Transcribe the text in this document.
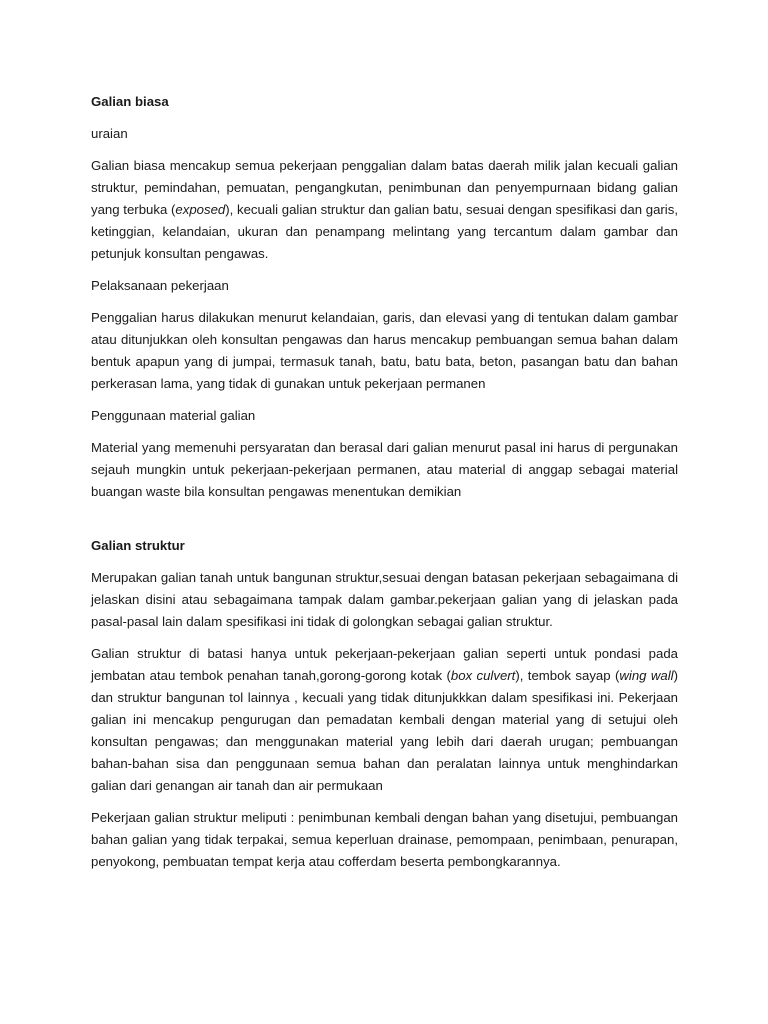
Galian biasa
uraian
Galian biasa mencakup semua pekerjaan penggalian dalam batas daerah milik jalan kecuali galian struktur, pemindahan, pemuatan, pengangkutan, penimbunan dan penyempurnaan bidang galian yang terbuka (exposed), kecuali galian struktur dan galian batu, sesuai dengan spesifikasi dan garis, ketinggian, kelandaian, ukuran dan penampang melintang yang tercantum dalam gambar dan petunjuk konsultan pengawas.
Pelaksanaan pekerjaan
Penggalian harus dilakukan menurut kelandaian, garis, dan elevasi yang di tentukan dalam gambar atau ditunjukkan oleh konsultan pengawas dan harus mencakup pembuangan semua bahan dalam bentuk apapun yang di jumpai, termasuk tanah, batu, batu bata, beton, pasangan batu dan bahan perkerasan lama, yang tidak di gunakan untuk pekerjaan permanen
Penggunaan material galian
Material yang memenuhi persyaratan dan berasal dari galian menurut pasal ini harus di pergunakan sejauh mungkin untuk pekerjaan-pekerjaan permanen, atau material di anggap sebagai material buangan waste bila konsultan pengawas menentukan demikian
Galian struktur
Merupakan galian tanah untuk bangunan struktur,sesuai dengan batasan pekerjaan sebagaimana di jelaskan disini atau sebagaimana tampak dalam gambar.pekerjaan galian yang di jelaskan pada pasal-pasal lain dalam spesifikasi ini tidak di golongkan sebagai galian struktur.
Galian struktur di batasi hanya untuk pekerjaan-pekerjaan galian seperti untuk pondasi pada jembatan atau tembok penahan tanah,gorong-gorong kotak (box culvert), tembok sayap (wing wall) dan struktur bangunan tol lainnya , kecuali yang tidak ditunjukkkan dalam spesifikasi ini. Pekerjaan galian ini mencakup pengurugan dan pemadatan kembali dengan material yang di setujui oleh konsultan pengawas; dan menggunakan material yang lebih dari daerah urugan; pembuangan bahan-bahan sisa dan penggunaan semua bahan dan peralatan lainnya untuk menghindarkan galian dari genangan air tanah dan air permukaan
Pekerjaan galian struktur meliputi : penimbunan kembali dengan bahan yang disetujui, pembuangan bahan galian yang tidak terpakai, semua keperluan drainase, pemompaan, penimbaan, penurapan, penyokong, pembuatan tempat kerja atau cofferdam beserta pembongkarannya.
